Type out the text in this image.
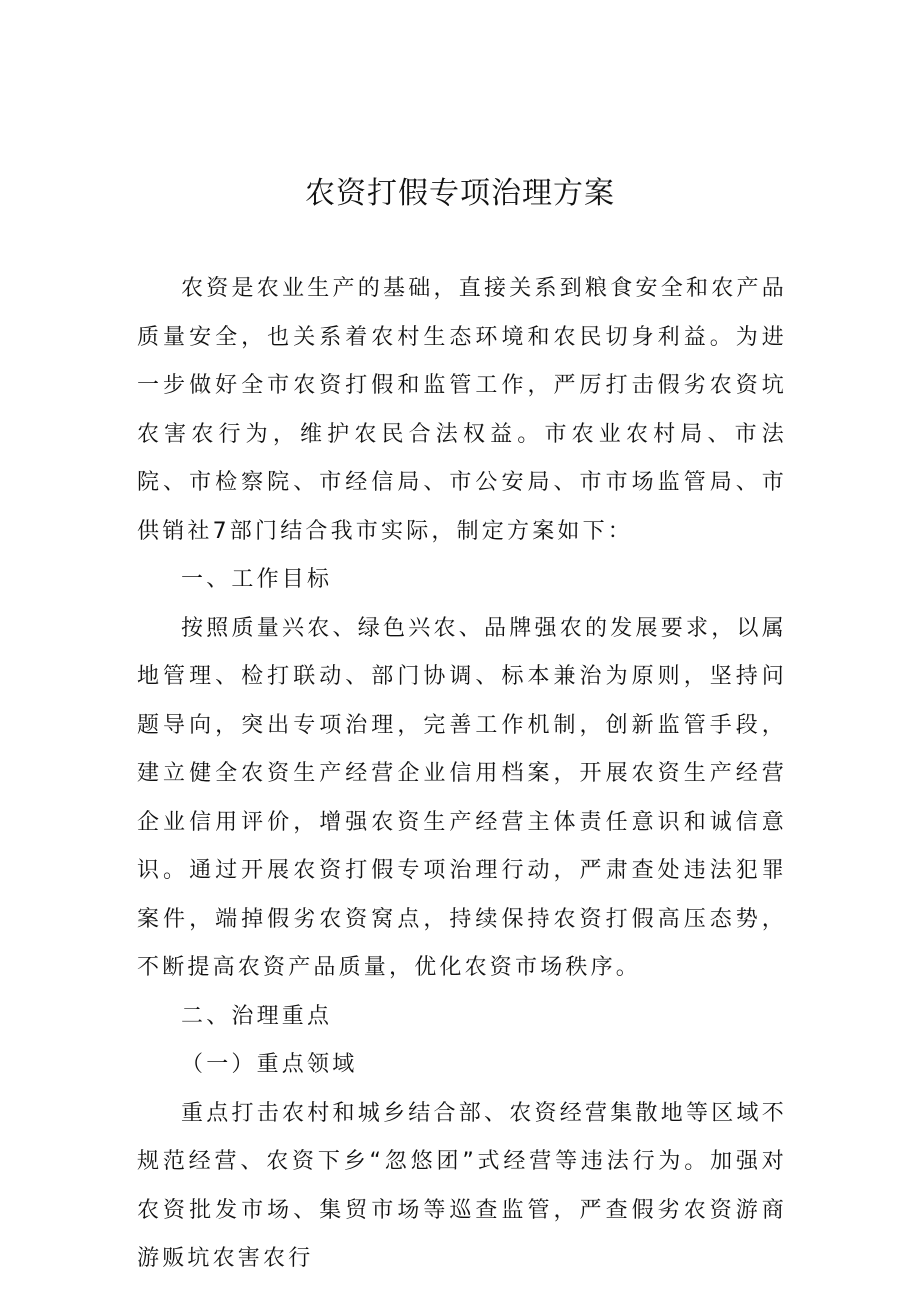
农资打假专项治理方案

农资是农业生产的基础，直接关系到粮食安全和农产品质量安全，也关系着农村生态环境和农民切身利益。为进一步做好全市农资打假和监管工作，严厉打击假劣农资坑农害农行为，维护农民合法权益。市农业农村局、市法院、市检察院、市经信局、市公安局、市市场监管局、市供销社7部门结合我市实际，制定方案如下：

一、工作目标

按照质量兴农、绿色兴农、品牌强农的发展要求，以属地管理、检打联动、部门协调、标本兼治为原则，坚持问题导向，突出专项治理，完善工作机制，创新监管手段，建立健全农资生产经营企业信用档案，开展农资生产经营企业信用评价，增强农资生产经营主体责任意识和诚信意识。通过开展农资打假专项治理行动，严肃查处违法犯罪案件，端掉假劣农资窝点，持续保持农资打假高压态势，不断提高农资产品质量，优化农资市场秩序。

二、治理重点

（一）重点领域

重点打击农村和城乡结合部、农资经营集散地等区域不规范经营、农资下乡“忽悠团”式经营等违法行为。加强对农资批发市场、集贸市场等巡查监管，严查假劣农资游商游贩坑农害农行
